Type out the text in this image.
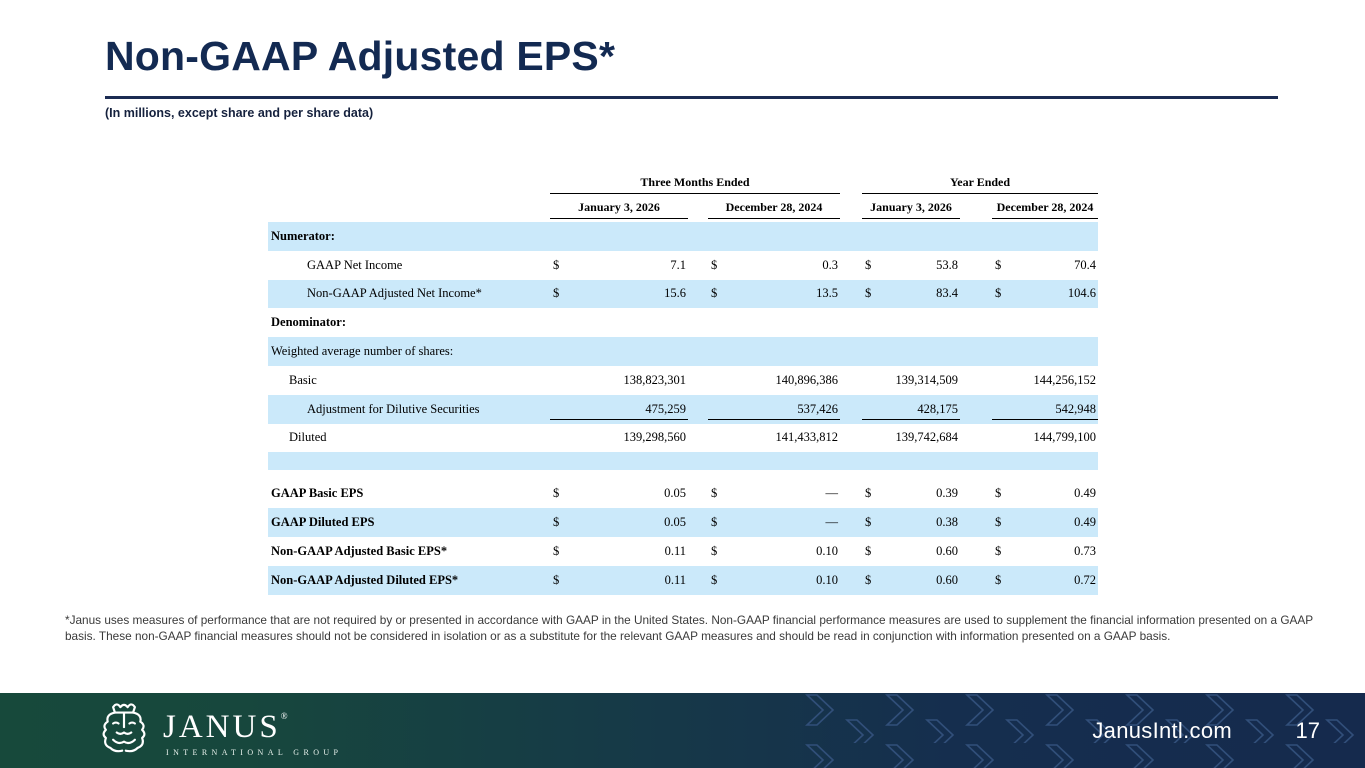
Non-GAAP Adjusted EPS*
(In millions, except share and per share data)
Three Months Ended	Year Ended
January 3, 2026	December 28, 2024	January 3, 2026	December 28, 2024
Numerator:
GAAP Net Income	$	7.1 $	0.3 $	53.8	$	70.4
Non-GAAP Adjusted Net Income*	$	15.6 $	13.5 $	83.4	$	104.6
Denominator:
Weighted average number of shares:
Basic	138,823,301	140,896,386	139,314,509	144,256,152
Adjustment for Dilutive Securities	475,259	537,426	428,175	542,948
Diluted	139,298,560	141,433,812	139,742,684	144,799,100
GAAP Basic EPS	$	0.05 $	— $	0.39	$	0.49
GAAP Diluted EPS	$	0.05 $	— $	0.38	$	0.49
Non-GAAP Adjusted Basic EPS*	$	0.11 $	0.10 $	0.60	$	0.73
Non-GAAP Adjusted Diluted EPS*	$	0.11 $	0.10 $	0.60	$	0.72
*Janus uses measures of performance that are not required by or presented in accordance with GAAP in the United States. Non-GAAP financial performance measures are used to supplement the financial information presented on a GAAP basis. These non-GAAP financial measures should not be considered in isolation or as a substitute for the relevant GAAP measures and should be read in conjunction with information presented on a GAAP basis.
JANUS®
INTERNATIONAL GROUP
JanusIntl.com	17
